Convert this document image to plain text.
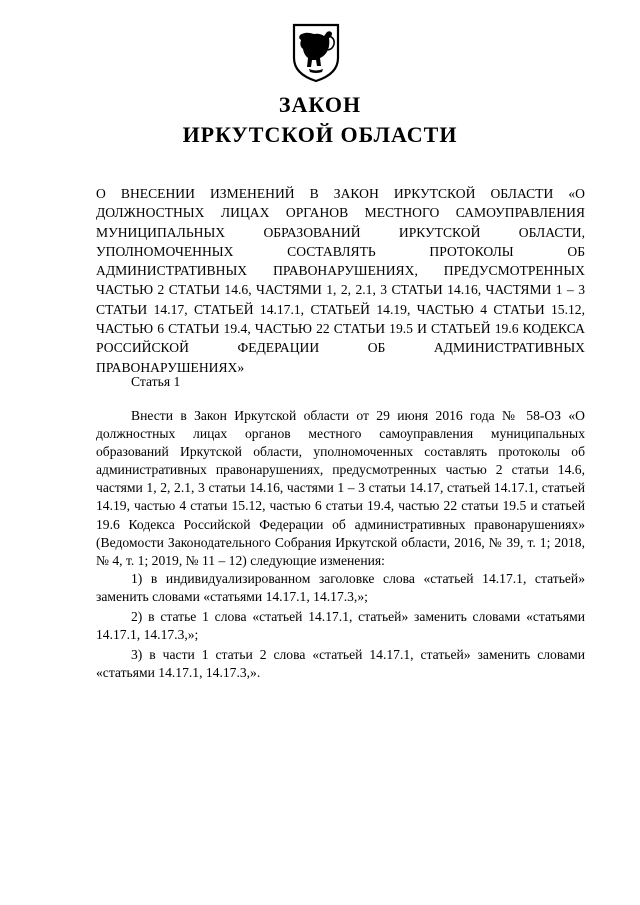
ЗАКОН
ИРКУТСКОЙ ОБЛАСТИ
О ВНЕСЕНИИ ИЗМЕНЕНИЙ В ЗАКОН ИРКУТСКОЙ ОБЛАСТИ «О ДОЛЖНОСТНЫХ ЛИЦАХ ОРГАНОВ МЕСТНОГО САМОУПРАВЛЕНИЯ МУНИЦИПАЛЬНЫХ ОБРАЗОВАНИЙ ИРКУТСКОЙ ОБЛАСТИ, УПОЛНОМОЧЕННЫХ СОСТАВЛЯТЬ ПРОТОКОЛЫ ОБ АДМИНИСТРАТИВНЫХ ПРАВОНАРУШЕНИЯХ, ПРЕДУСМОТРЕННЫХ ЧАСТЬЮ 2 СТАТЬИ 14.6, ЧАСТЯМИ 1, 2, 2.1, 3 СТАТЬИ 14.16, ЧАСТЯМИ 1 – 3 СТАТЬИ 14.17, СТАТЬЕЙ 14.17.1, СТАТЬЕЙ 14.19, ЧАСТЬЮ 4 СТАТЬИ 15.12, ЧАСТЬЮ 6 СТАТЬИ 19.4, ЧАСТЬЮ 22 СТАТЬИ 19.5 И СТАТЬЕЙ 19.6 КОДЕКСА РОССИЙСКОЙ ФЕДЕРАЦИИ ОБ АДМИНИСТРАТИВНЫХ ПРАВОНАРУШЕНИЯХ»
Статья 1

Внести в Закон Иркутской области от 29 июня 2016 года № 58-ОЗ «О должностных лицах органов местного самоуправления муниципальных образований Иркутской области, уполномоченных составлять протоколы об административных правонарушениях, предусмотренных частью 2 статьи 14.6, частями 1, 2, 2.1, 3 статьи 14.16, частями 1 – 3 статьи 14.17, статьей 14.17.1, статьей 14.19, частью 4 статьи 15.12, частью 6 статьи 19.4, частью 22 статьи 19.5 и статьей 19.6 Кодекса Российской Федерации об административных правонарушениях» (Ведомости Законодательного Собрания Иркутской области, 2016, № 39, т. 1; 2018, № 4, т. 1; 2019, № 11 – 12) следующие изменения:

1) в индивидуализированном заголовке слова «статьей 14.17.1, статьей» заменить словами «статьями 14.17.1, 14.17.3,»;

2) в статье 1 слова «статьей 14.17.1, статьей» заменить словами «статьями 14.17.1, 14.17.3,»;

3) в части 1 статьи 2 слова «статьей 14.17.1, статьей» заменить словами «статьями 14.17.1, 14.17.3,».
